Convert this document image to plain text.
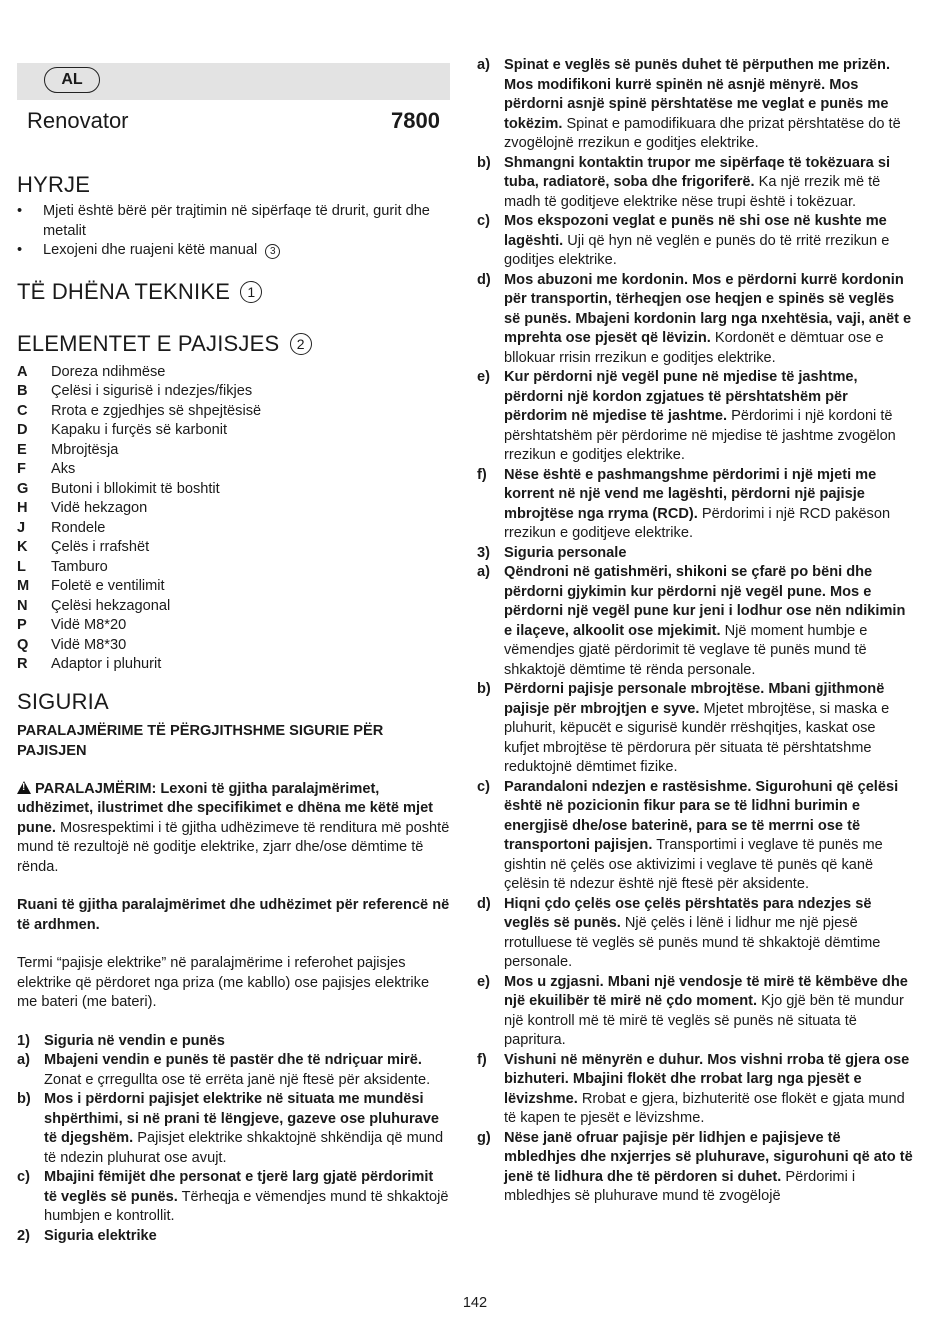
AL
Renovator	7800
HYRJE
• Mjeti është bërë për trajtimin në sipërfaqe të drurit, gurit dhe metalit
• Lexojeni dhe ruajeni këtë manual 3
TË DHËNA TEKNIKE 1
ELEMENTET E PAJISJES 2
A	Doreza ndihmëse
B	Çelësi i sigurisë i ndezjes/fikjes
C	Rrota e zgjedhjes së shpejtësisë
D	Kapaku i furçës së karbonit
E	Mbrojtësja
F	Aks
G	Butoni i bllokimit të boshtit
H	Vidë hekzagon
J	Rondele
K	Çelës i rrafshët
L	Tamburo
M	Foletë e ventilimit
N	Çelësi hekzagonal
P	Vidë M8*20
Q	Vidë M8*30
R	Adaptor i pluhurit
SIGURIA
PARALAJMËRIME TË PËRGJITHSHME SIGURIE PËR PAJISJEN

! PARALAJMËRIM: Lexoni të gjitha paralajmërimet, udhëzimet, ilustrimet dhe specifikimet e dhëna me këtë mjet pune. Mosrespektimi i të gjitha udhëzimeve të renditura më poshtë mund të rezultojë në goditje elektrike, zjarr dhe/ose dëmtime të rënda.

Ruani të gjitha paralajmërimet dhe udhëzimet për referencë në të ardhmen.

Termi “pajisje elektrike” në paralajmërime i referohet pajisjes elektrike që përdoret nga priza (me kabllo) ose pajisjes elektrike me bateri (me bateri).

1) Siguria në vendin e punës
a) Mbajeni vendin e punës të pastër dhe të ndriçuar mirë. Zonat e çrregullta ose të errëta janë një ftesë për aksidente.
b) Mos i përdorni pajisjet elektrike në situata me mundësi shpërthimi, si në prani të lëngjeve, gazeve ose pluhurave të djegshëm. Pajisjet elektrike shkaktojnë shkëndija që mund të ndezin pluhurat ose avujt.
c) Mbajini fëmijët dhe personat e tjerë larg gjatë përdorimit të veglës së punës. Tërheqja e vëmendjes mund të shkaktojë humbjen e kontrollit.
2) Siguria elektrike
a) Spinat e veglës së punës duhet të përputhen me prizën. Mos modifikoni kurrë spinën në asnjë mënyrë. Mos përdorni asnjë spinë përshtatëse me veglat e punës me tokëzim. Spinat e pamodifikuara dhe prizat përshtatëse do të zvogëlojnë rrezikun e goditjes elektrike.
b) Shmangni kontaktin trupor me sipërfaqe të tokëzuara si tuba, radiatorë, soba dhe frigoriferë. Ka një rrezik më të madh të goditjeve elektrike nëse trupi është i tokëzuar.
c) Mos ekspozoni veglat e punës në shi ose në kushte me lagështi. Uji që hyn në veglën e punës do të rritë rrezikun e goditjes elektrike.
d) Mos abuzoni me kordonin. Mos e përdorni kurrë kordonin për transportin, tërheqjen ose heqjen e spinës së veglës së punës. Mbajeni kordonin larg nga nxehtësia, vaji, anët e mprehta ose pjesët që lëvizin. Kordonët e dëmtuar ose e bllokuar rrisin rrezikun e goditjes elektrike.
e) Kur përdorni një vegël pune në mjedise të jashtme, përdorni një kordon zgjatues të përshtatshëm për përdorim në mjedise të jashtme. Përdorimi i një kordoni të përshtatshëm për përdorime në mjedise të jashtme zvogëlon rrezikun e goditjes elektrike.
f)	Nëse është e pashmangshme përdorimi i një mjeti me korrent në një vend me lagështi, përdorni një pajisje mbrojtëse nga rryma (RCD). Përdorimi i një RCD pakëson rrezikun e goditjeve elektrike.
3) Siguria personale
a) Qëndroni në gatishmëri, shikoni se çfarë po bëni dhe përdorni gjykimin kur përdorni një vegël pune. Mos e përdorni një vegël pune kur jeni i lodhur ose nën ndikimin e ilaçeve, alkoolit ose mjekimit. Një moment humbje e vëmendjes gjatë përdorimit të veglave të punës mund të shkaktojë dëmtime të rënda personale.
b) Përdorni pajisje personale mbrojtëse. Mbani gjithmonë pajisje për mbrojtjen e syve. Mjetet mbrojtëse, si maska e pluhurit, këpucët e sigurisë kundër rrëshqitjes, kaskat ose kufjet mbrojtëse të përdorura për situata të përshtatshme reduktojnë dëmtimet fizike.
c) Parandaloni ndezjen e rastësishme. Sigurohuni që çelësi është në pozicionin fikur para se të lidhni burimin e energjisë dhe/ose baterinë, para se të merrni ose të transportoni pajisjen. Transportimi i veglave të punës me gishtin në çelës ose aktivizimi i veglave të punës që kanë çelësin të ndezur është një ftesë për aksidente.
d) Hiqni çdo çelës ose çelës përshtatës para ndezjes së veglës së punës. Një çelës i lënë i lidhur me një pjesë rrotulluese të veglës së punës mund të shkaktojë dëmtime personale.
e) Mos u zgjasni. Mbani një vendosje të mirë të këmbëve dhe një ekuilibër të mirë në çdo moment. Kjo gjë bën të mundur një kontroll më të mirë të veglës së punës në situata të papritura.
f)	Vishuni në mënyrën e duhur. Mos vishni rroba të gjera ose bizhuteri. Mbajini flokët dhe rrobat larg nga pjesët e lëvizshme. Rrobat e gjera, bizhuteritë ose flokët e gjata mund të kapen te pjesët e lëvizshme.
g) Nëse janë ofruar pajisje për lidhjen e pajisjeve të mbledhjes dhe nxjerrjes së pluhurave, sigurohuni që ato të jenë të lidhura dhe të përdoren si duhet. Përdorimi i mbledhjes së pluhurave mund të zvogëlojë
142
